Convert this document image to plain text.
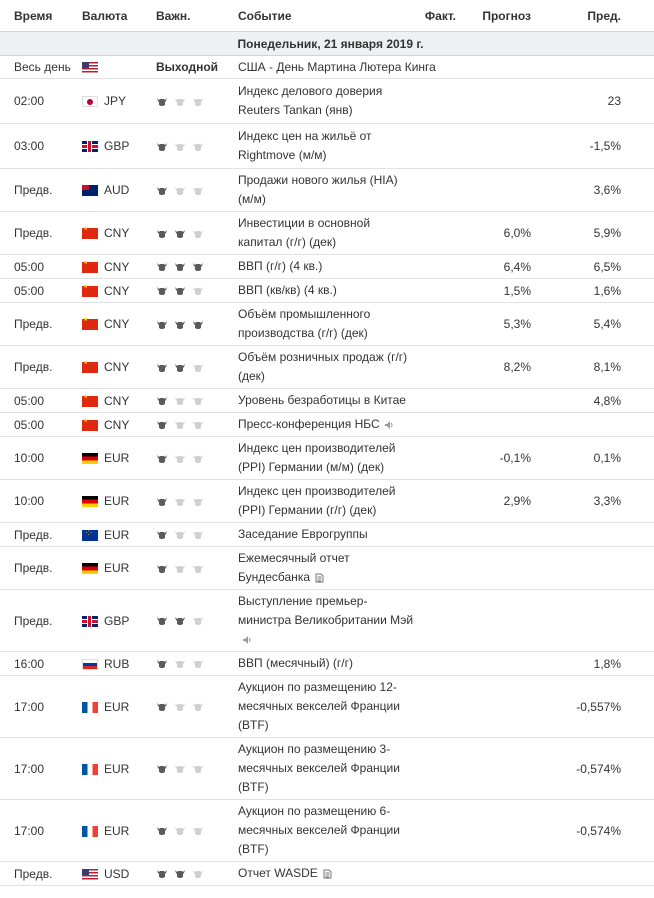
Время	Валюта	Важн.	Событие	Факт.	Прогноз	Пред.
Понедельник, 21 января 2019 г.						
Весь день		Выходной	США - День Мартина Лютера Кинга			
02:00	JPY		Индекс делового доверия Reuters Tankan (янв)			23
03:00	GBP		Индекс цен на жильё от Rightmove (м/м)			-1,5%
Предв.	AUD		Продажи нового жилья (HIA) (м/м)			3,6%
Предв.	★CNY		Инвестиции в основной капитал (г/г) (дек)		6,0%	5,9%
05:00	★CNY		ВВП (г/г) (4 кв.)		6,4%	6,5%
05:00	★CNY		ВВП (кв/кв) (4 кв.)		1,5%	1,6%
Предв.	★CNY		Объём промышленного производства (г/г) (дек)		5,3%	5,4%
Предв.	★CNY		Объём розничных продаж (г/г) (дек)		8,2%	8,1%
05:00	★CNY		Уровень безработицы в Китае			4,8%
05:00	★CNY		Пресс-конференция НБС

10:00	EUR		Индекс цен производителей (PPI) Германии (м/м) (дек)		-0,1%	0,1%
10:00	EUR		Индекс цен производителей (PPI) Германии (г/г) (дек)		2,9%	3,3%
Предв.	·:·EUR		Заседание Еврогруппы			
Предв.	EUR		Ежемесячный отчет Бундесбанка

Предв.	GBP		Выступление премьер-министра Великобритании Мэй

16:00	RUB		ВВП (месячный) (г/г)			1,8%
17:00	EUR		Аукцион по размещению 12-месячных векселей Франции (BTF)			-0,557%
17:00	EUR		Аукцион по размещению 3-месячных векселей Франции (BTF)			-0,574%
17:00	EUR		Аукцион по размещению 6-месячных векселей Франции (BTF)			-0,574%
Предв.	USD		Отчет WASDE
